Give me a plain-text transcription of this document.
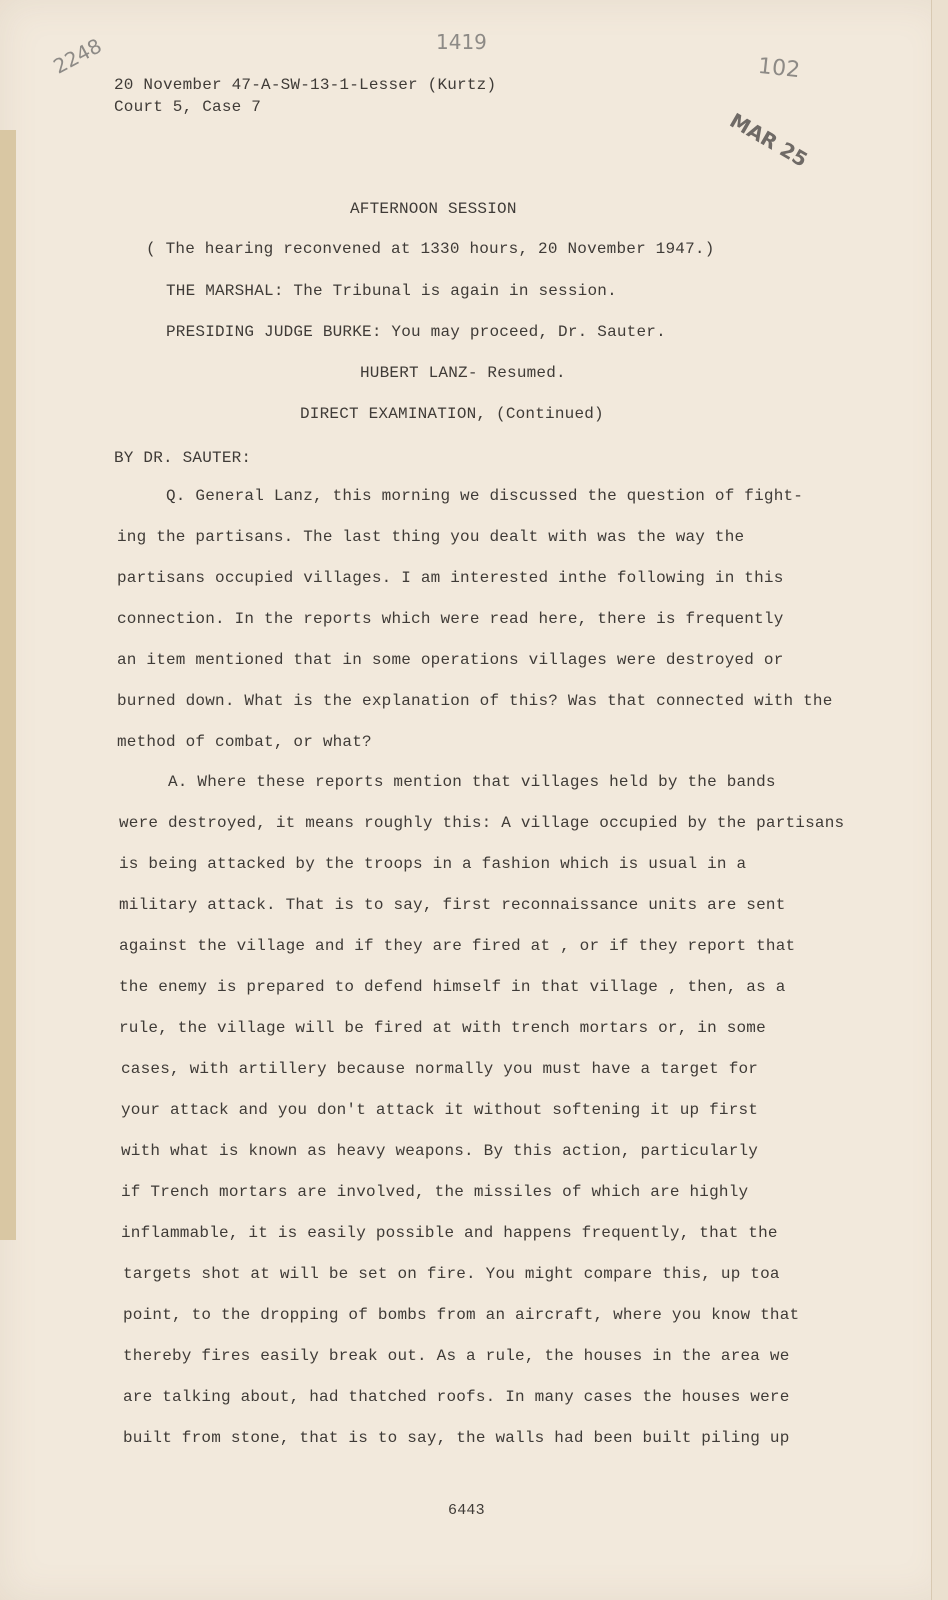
2248	1419
102
MAR 25
20 November 47-A-SW-13-1-Lesser (Kurtz)
Court 5, Case 7
AFTERNOON SESSION
( The hearing reconvened at 1330 hours, 20 November 1947.)
THE MARSHAL: The Tribunal is again in session.
PRESIDING JUDGE BURKE: You may proceed, Dr. Sauter.
HUBERT LANZ- Resumed.
DIRECT EXAMINATION, (Continued)
BY DR. SAUTER:
Q. General Lanz, this morning we discussed the question of fight-
ing the partisans. The last thing you dealt with was the way the
partisans occupied villages. I am interested inthe following in this
connection. In the reports which were read here, there is frequently
an item mentioned that in some operations villages were destroyed or
burned down. What is the explanation of this? Was that connected with the
method of combat, or what?
A. Where these reports mention that villages held by the bands
were destroyed, it means roughly this: A village occupied by the partisans
is being attacked by the troops in a fashion which is usual in a
military attack. That is to say, first reconnaissance units are sent
against the village and if they are fired at , or if they report that
the enemy is prepared to defend himself in that village , then, as a
rule, the village will be fired at with trench mortars or, in some
cases, with artillery because normally you must have a target for
your attack and you don't attack it without softening it up first
with what is known as heavy weapons. By this action, particularly
if Trench mortars are involved, the missiles of which are highly
inflammable, it is easily possible and happens frequently, that the
targets shot at will be set on fire. You might compare this, up toa
point, to the dropping of bombs from an aircraft, where you know that
thereby fires easily break out. As a rule, the houses in the area we
are talking about, had thatched roofs. In many cases the houses were
built from stone, that is to say, the walls had been built piling up
6443
